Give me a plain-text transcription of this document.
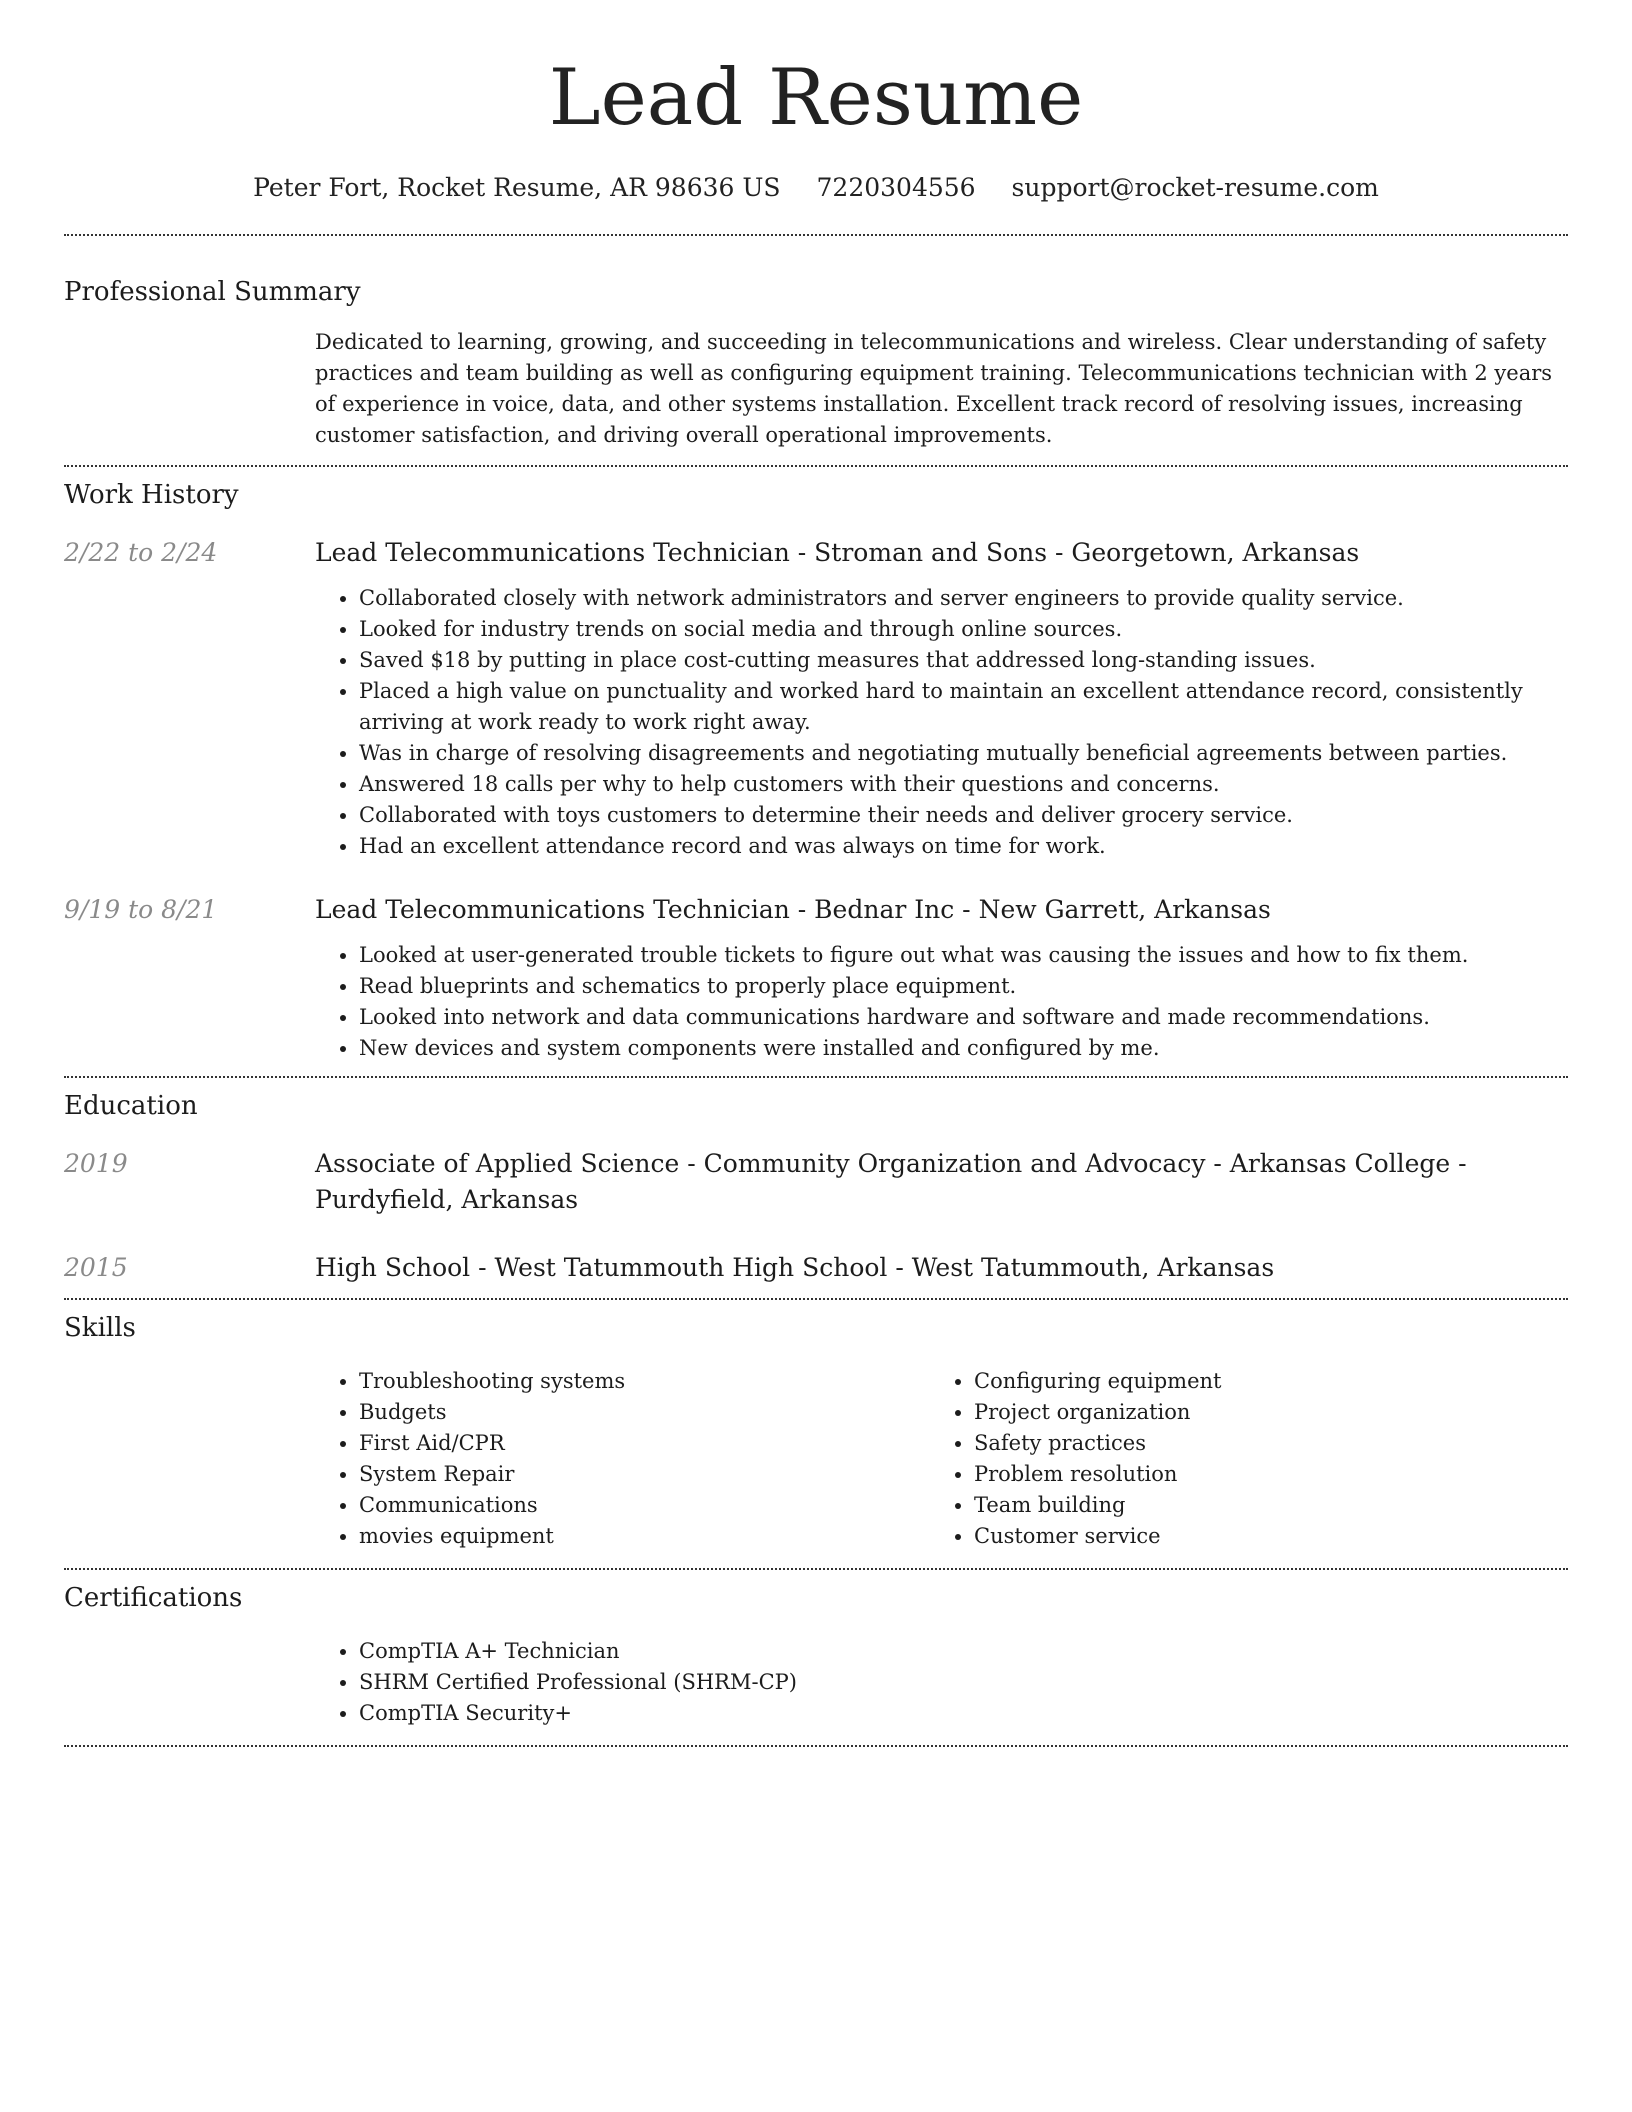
Lead Resume
Peter Fort, Rocket Resume, AR 98636 US 7220304556 support@rocket-resume.com
Professional Summary
Dedicated to learning, growing, and succeeding in telecommunications and wireless. Clear understanding of safety practices and team building as well as configuring equipment training. Telecommunications technician with 2 years of experience in voice, data, and other systems installation. Excellent track record of resolving issues, increasing customer satisfaction, and driving overall operational improvements.
Work History
2/22 to 2/24	Lead Telecommunications Technician - Stroman and Sons - Georgetown, Arkansas
• Collaborated closely with network administrators and server engineers to provide quality service.
• Looked for industry trends on social media and through online sources.
• Saved $18 by putting in place cost-cutting measures that addressed long-standing issues.
• Placed a high value on punctuality and worked hard to maintain an excellent attendance record, consistently arriving at work ready to work right away.
• Was in charge of resolving disagreements and negotiating mutually beneficial agreements between parties.
• Answered 18 calls per why to help customers with their questions and concerns.
• Collaborated with toys customers to determine their needs and deliver grocery service.
• Had an excellent attendance record and was always on time for work.
9/19 to 8/21	Lead Telecommunications Technician - Bednar Inc - New Garrett, Arkansas
• Looked at user-generated trouble tickets to figure out what was causing the issues and how to fix them.
• Read blueprints and schematics to properly place equipment.
• Looked into network and data communications hardware and software and made recommendations.
• New devices and system components were installed and configured by me.
Education
2019	Associate of Applied Science - Community Organization and Advocacy - Arkansas College - Purdyfield, Arkansas
2015	High School - West Tatummouth High School - West Tatummouth, Arkansas
Skills
• Troubleshooting systems
• Budgets
• First Aid/CPR
• System Repair
• Communications
• movies equipment
• Configuring equipment
• Project organization
• Safety practices
• Problem resolution
• Team building
• Customer service
Certifications
• CompTIA A+ Technician
• SHRM Certified Professional (SHRM-CP)
• CompTIA Security+
